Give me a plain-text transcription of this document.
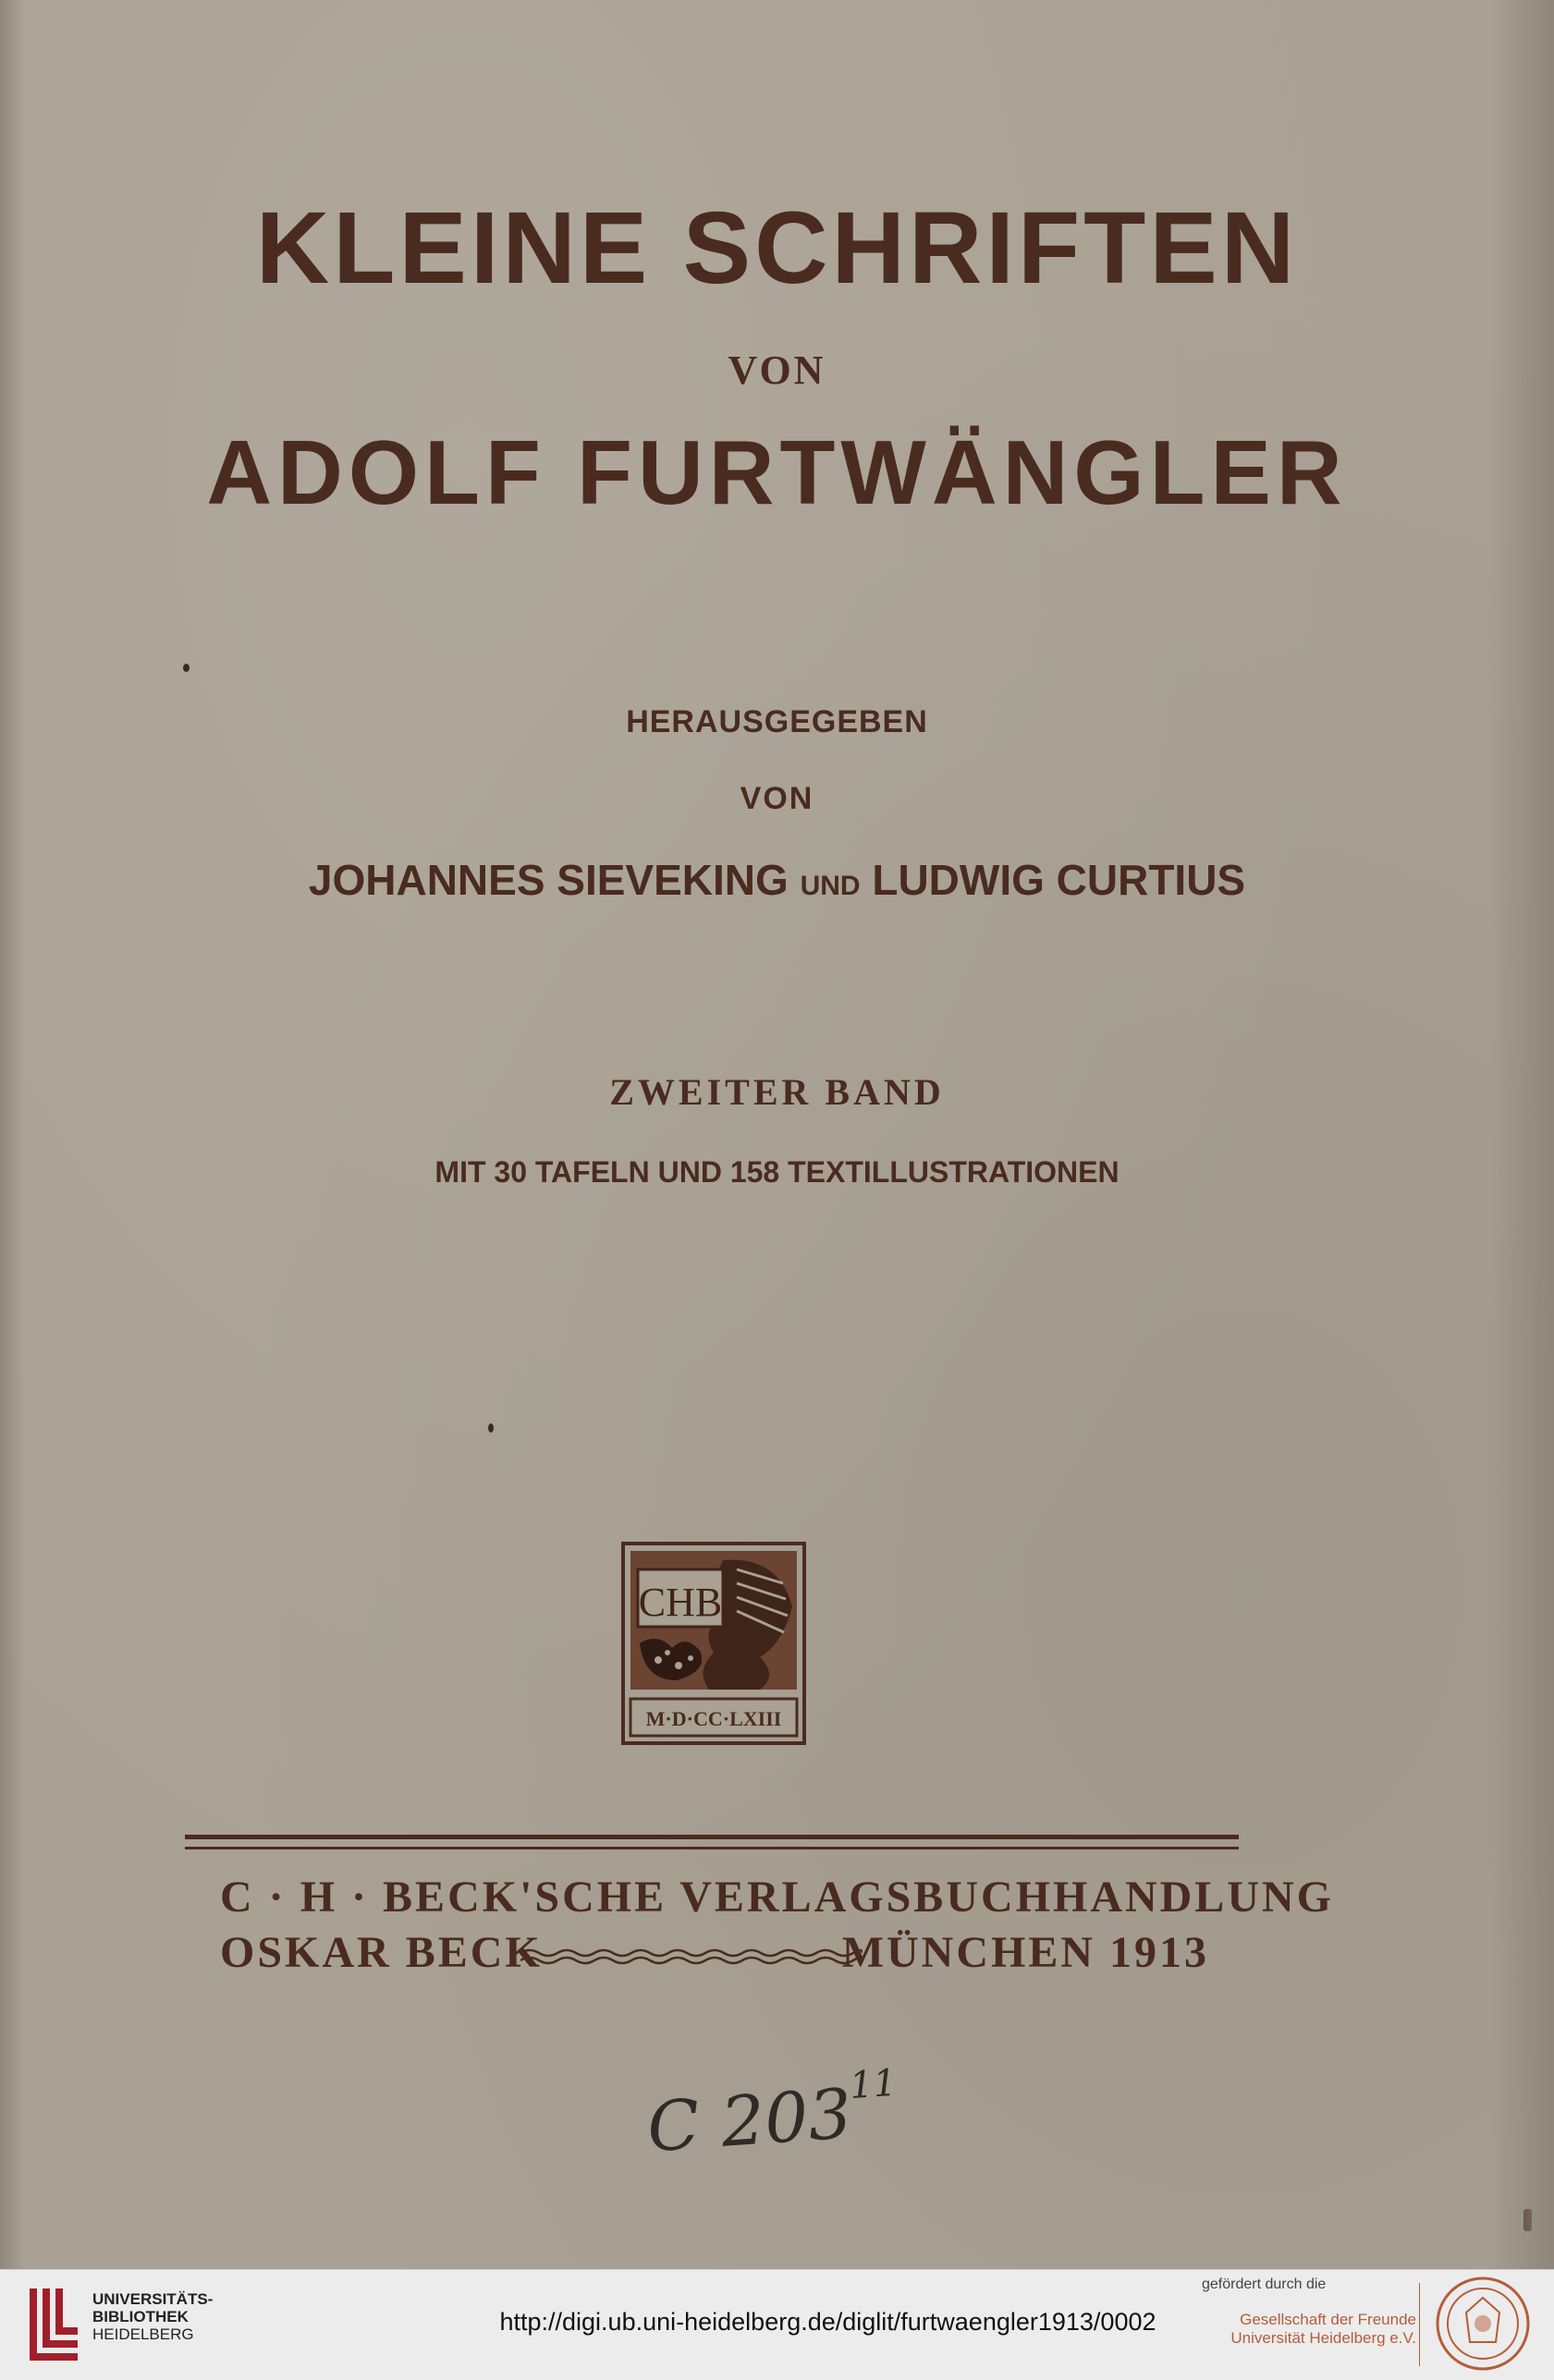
KLEINE SCHRIFTEN
VON
ADOLF FURTWÄNGLER
HERAUSGEGEBEN
VON
JOHANNES SIEVEKING UND LUDWIG CURTIUS
ZWEITER BAND
MIT 30 TAFELN UND 158 TEXTILLUSTRATIONEN
CHB
M·D·CC·LXIII
C · H · BECK'SCHE VERLAGSBUCHHANDLUNG
OSKAR BECK	MÜNCHEN 1913
C $203^{11}$
UNIVERSITÄTS-
BIBLIOTHEK
HEIDELBERG	http://digi.ub.uni-heidelberg.de/diglit/furtwaengler1913/0002
gefördert durch die
Gesellschaft der Freunde
Universität Heidelberg e.V.
